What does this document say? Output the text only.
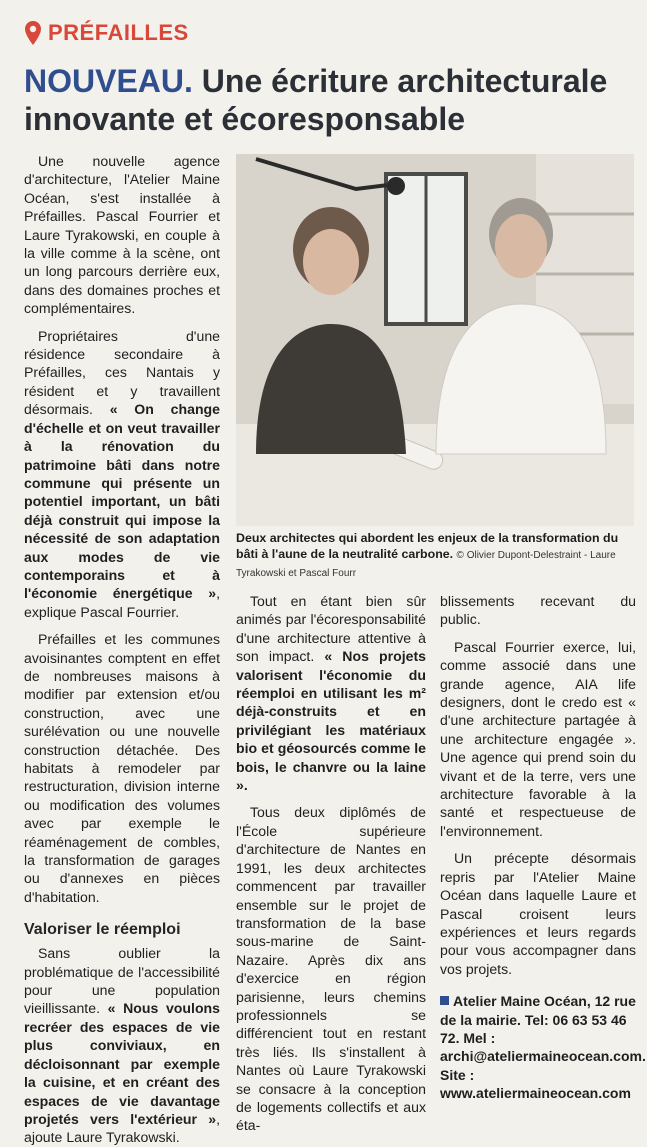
PRÉFAILLES
NOUVEAU. Une écriture architecturale innovante et écoresponsable

Une nouvelle agence d'architecture, l'Atelier Maine Océan, s'est installée à Préfailles. Pascal Fourrier et Laure Tyrakowski, en couple à la ville comme à la scène, ont un long parcours derrière eux, dans des domaines proches et complémentaires.

Propriétaires d'une résidence secondaire à Préfailles, ces Nantais y résident et y travaillent désormais. « On change d'échelle et on veut travailler à la rénovation du patrimoine bâti dans notre commune qui présente un potentiel important, un bâti déjà construit qui impose la nécessité de son adaptation aux modes de vie contemporains et à l'économie énergétique », explique Pascal Fourrier.

Préfailles et les communes avoisinantes comptent en effet de nombreuses maisons à modifier par extension et/ou construction, avec une surélévation ou une nouvelle construction détachée. Des habitats à remodeler par restructuration, division interne ou modification des volumes avec par exemple le réaménagement de combles, la transformation de garages ou d'annexes en pièces d'habitation.

Valoriser le réemploi

Sans oublier la problématique de l'accessibilité pour une population vieillissante. « Nous voulons recréer des espaces de vie plus conviviaux, en décloisonnant par exemple la cuisine, et en créant des espaces de vie davantage projetés vers l'extérieur », ajoute Laure Tyrakowski.

Deux architectes qui abordent les enjeux de la transformation du bâti à l'aune de la neutralité carbone. © Olivier Dupont-Delestraint - Laure Tyrakowski et Pascal Fourr

Tout en étant bien sûr animés par l'écoresponsabilité d'une architecture attentive à son impact. « Nos projets valorisent l'économie du réemploi en utilisant les m² déjà-construits et en privilégiant les matériaux bio et géosourcés comme le bois, le chanvre ou la laine ».

Tous deux diplômés de l'École supérieure d'architecture de Nantes en 1991, les deux architectes commencent par travailler ensemble sur le projet de transformation de la base sous-marine de Saint-Nazaire. Après dix ans d'exercice en région parisienne, leurs chemins professionnels se différencient tout en restant très liés. Ils s'installent à Nantes où Laure Tyrakowski se consacre à la conception de logements collectifs et aux éta-

blissements recevant du public.

Pascal Fourrier exerce, lui, comme associé dans une grande agence, AIA life designers, dont le credo est « d'une architecture partagée à une architecture engagée ». Une agence qui prend soin du vivant et de la terre, vers une architecture favorable à la santé et respectueuse de l'environnement.

Un précepte désormais repris par l'Atelier Maine Océan dans laquelle Laure et Pascal croisent leurs expériences et leurs regards pour vous accompagner dans vos projets.

Atelier Maine Océan, 12 rue de la mairie. Tel: 06 63 53 46 72. Mel : archi@ateliermaineocean.com. Site : www.ateliermaineocean.com
